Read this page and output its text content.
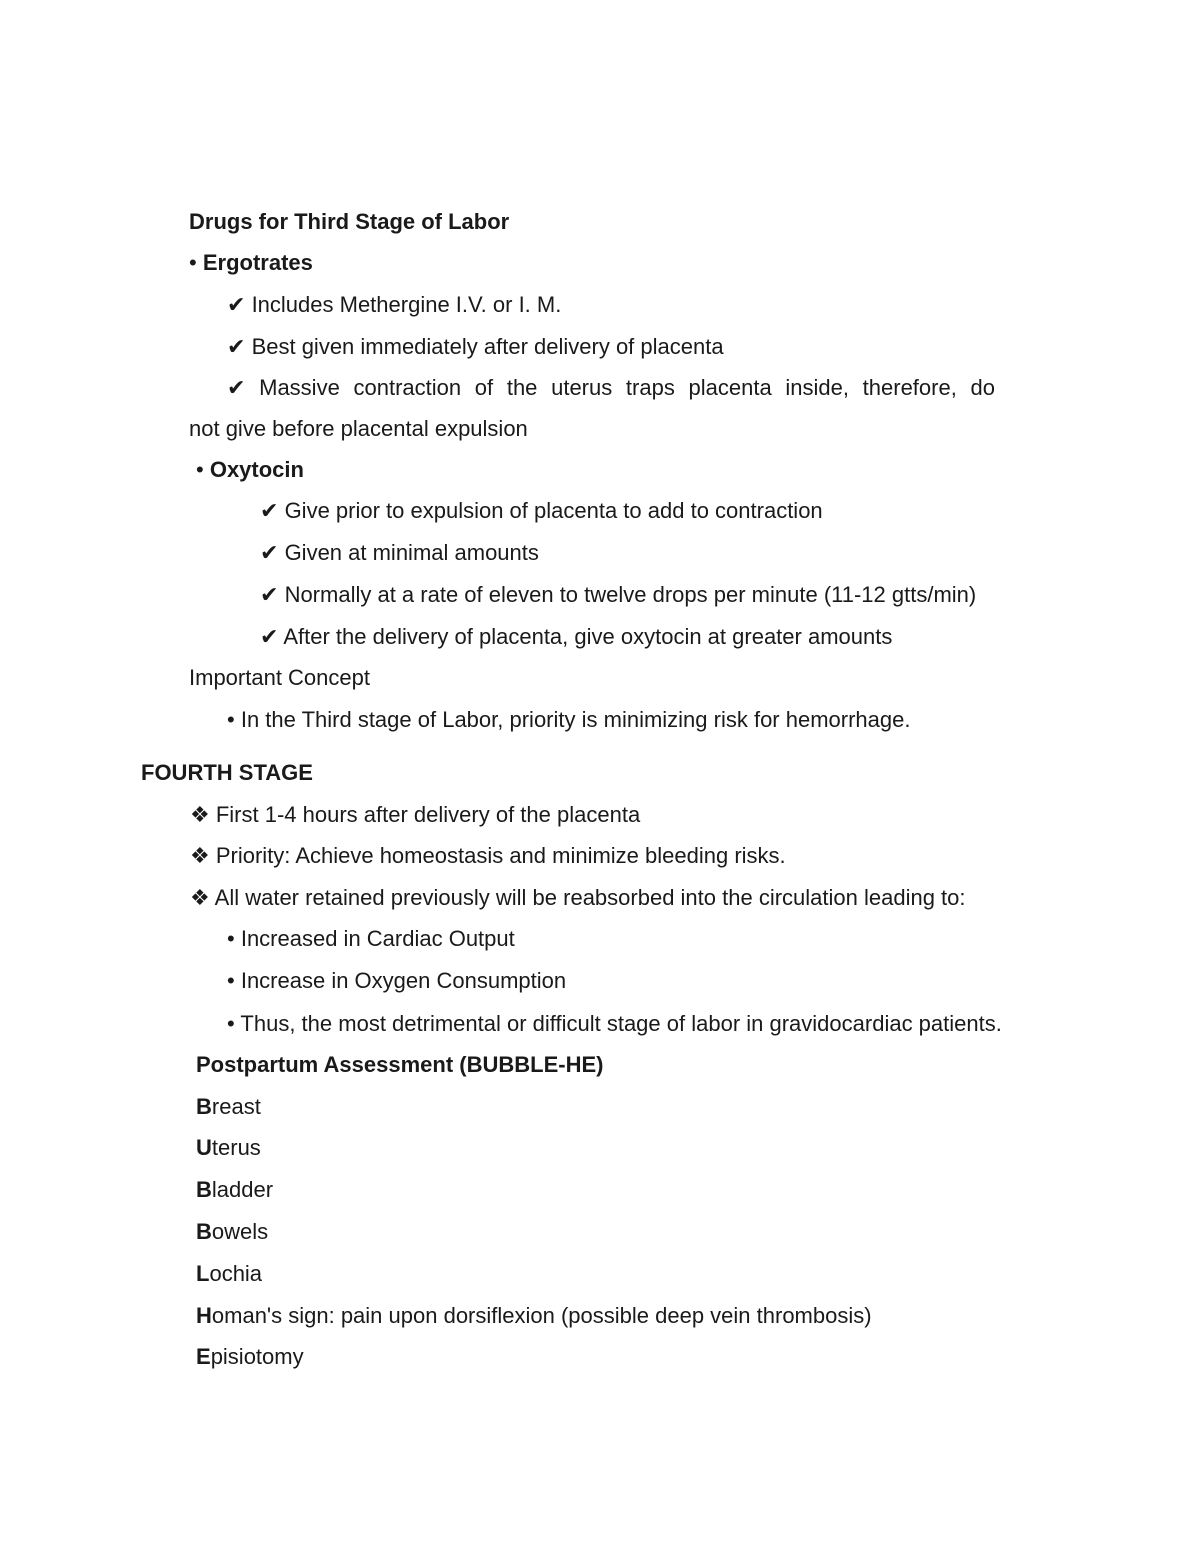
Drugs for Third Stage of Labor
• Ergotrates
✔ Includes Methergine I.V. or I. M.
✔ Best given immediately after delivery of placenta
✔ Massive contraction of the uterus traps placenta inside, therefore, do
not give before placental expulsion
• Oxytocin
✔ Give prior to expulsion of placenta to add to contraction
✔ Given at minimal amounts
✔ Normally at a rate of eleven to twelve drops per minute (11-12 gtts/min)
✔ After the delivery of placenta, give oxytocin at greater amounts
Important Concept
• In the Third stage of Labor, priority is minimizing risk for hemorrhage.
FOURTH STAGE
❖ First 1-4 hours after delivery of the placenta
❖ Priority: Achieve homeostasis and minimize bleeding risks.
❖ All water retained previously will be reabsorbed into the circulation leading to:
• Increased in Cardiac Output
• Increase in Oxygen Consumption
• Thus, the most detrimental or difficult stage of labor in gravidocardiac patients.
Postpartum Assessment (BUBBLE-HE)
Breast
Uterus
Bladder
Bowels
Lochia
Homan's sign: pain upon dorsiflexion (possible deep vein thrombosis)
Episiotomy
